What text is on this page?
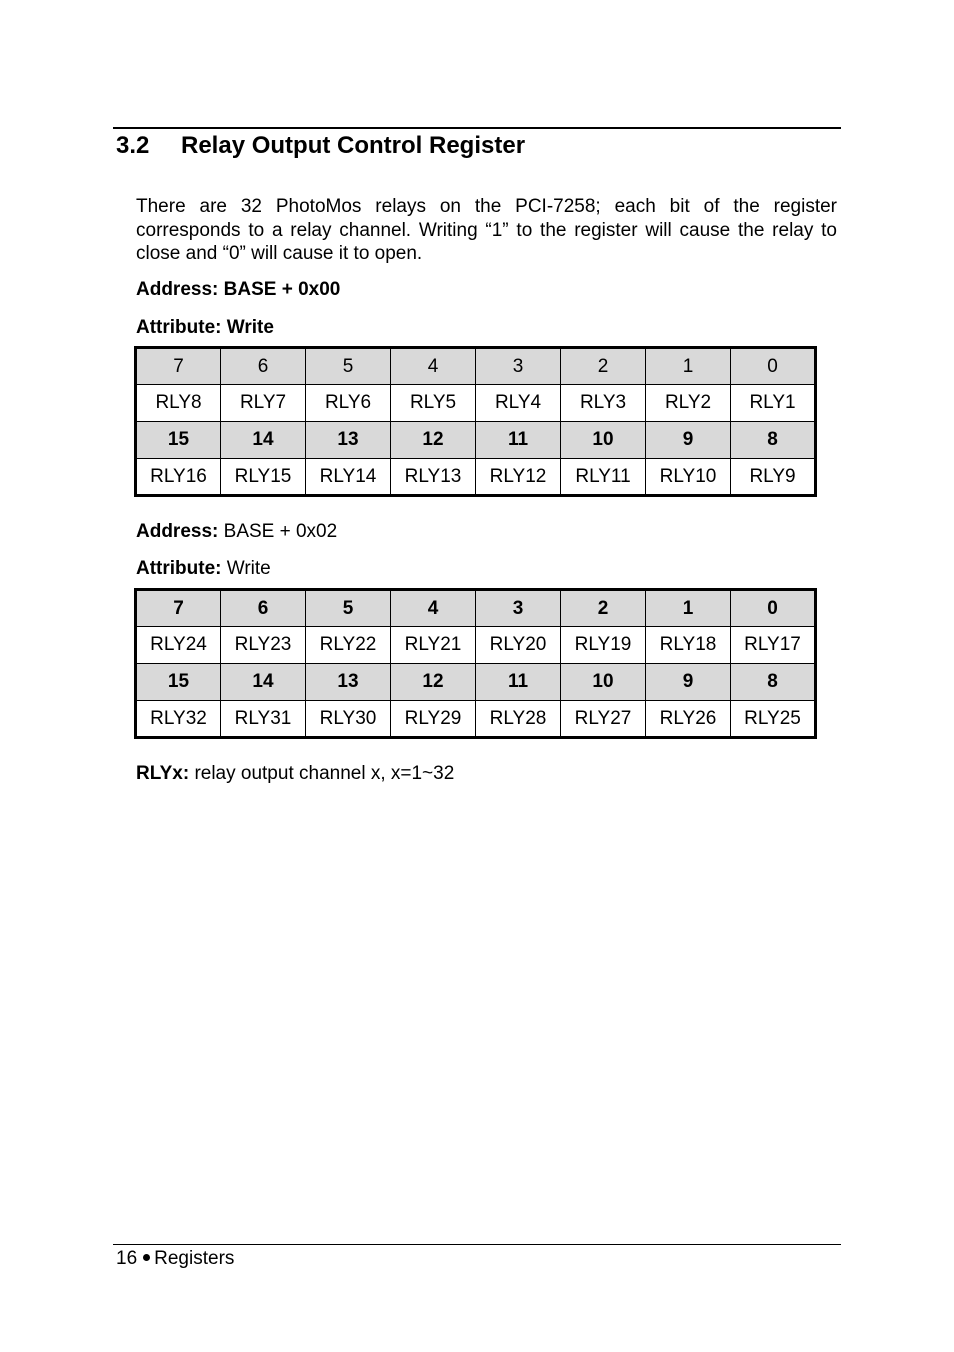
3.2 Relay Output Control Register

There are 32 PhotoMos relays on the PCI-7258; each bit of the register corresponds to a relay channel. Writing “1” to the register will cause the relay to close and “0” will cause it to open.

Address: BASE + 0x00
Attribute: Write
7	6	5	4	3	2	1	0
RLY8	RLY7	RLY6	RLY5	RLY4	RLY3	RLY2	RLY1
15	14	13	12	11	10	9	8
RLY16	RLY15	RLY14	RLY13	RLY12	RLY11	RLY10	RLY9
Address: BASE + 0x02
Attribute: Write
7	6	5	4	3	2	1	0
RLY24	RLY23	RLY22	RLY21	RLY20	RLY19	RLY18	RLY17
15	14	13	12	11	10	9	8
RLY32	RLY31	RLY30	RLY29	RLY28	RLY27	RLY26	RLY25
RLYx: relay output channel x, x=1~32
16 Registers
